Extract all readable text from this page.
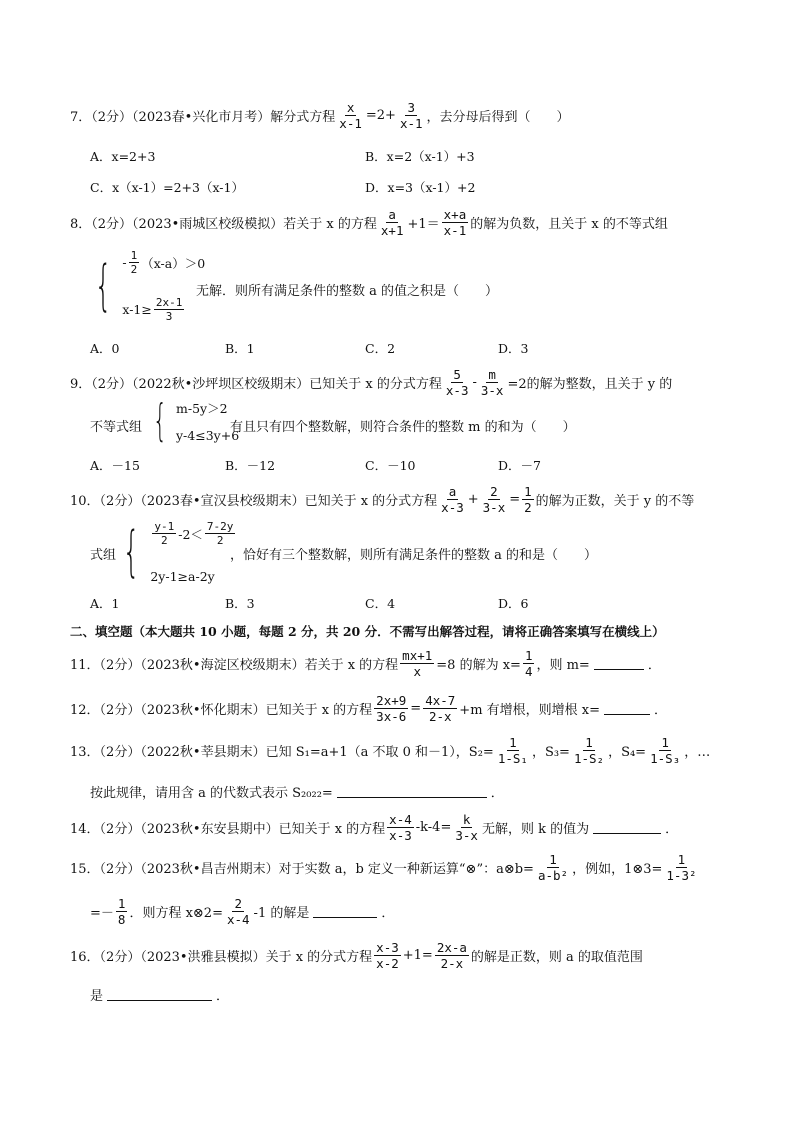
7．（2分）（2023春•兴化市月考）解分式方程 $\frac{x}{x-1} =2+ \frac{3}{x-1}$ ，去分母后得到（　　）
A．x=2+3	B．x=2（x-1）+3
C．x（x-1）=2+3（x-1）	D．x=3（x-1）+2
8．（2分）（2023•雨城区校级模拟）若关于 x 的方程 $\frac{a}{x+1} +1= \frac{x+a}{x-1}$ 的解为负数，且关于 x 的不等式组
{ - $\frac{1}{2} (x-a)>0$
$x-1\ge \frac{2x-1}{3}$
无解．则所有满足条件的整数 a 的值之积是（　　）
A．0	B．1	C．2	D．3
9．（2分）（2022秋•沙坪坝区校级期末）已知关于 x 的分式方程 $\frac{5}{x-3} - \frac{m}{3-x} =2$的解为整数，且关于 y 的
不等式组 { m-5y＞2
y-4≤3y+6
有且只有四个整数解，则符合条件的整数 m 的和为（　　）
A．－15	B．－12	C．－10	D．－7
10．（2分）（2023春•宣汉县校级期末）已知关于 x 的分式方程 $\frac{a}{x-3} + \frac{2}{3-x} = \frac{1}{2}$ 的解为正数，关于 y 的不等
式组 { $\frac{y-1}{2} -2< \frac{7-2y}{2}$
2y-1≥a-2y
，恰好有三个整数解，则所有满足条件的整数 a 的和是（　　）
A．1	B．3	C．4	D．6
二、填空题（本大题共 10 小题，每题 2 分，共 20 分．不需写出解答过程，请将正确答案填写在横线上）
11．（2分）（2023秋•海淀区校级期末）若关于 x 的方程 $\frac{mx+1}{x} =8$ 的解为 $x= \frac{1}{4}$ ，则 m=	．
12．（2分）（2023秋•怀化期末）已知关于 x 的方程 $\frac{2x+9}{3x-6} = \frac{4x-7}{2-x} +m$ 有增根，则增根 x=	．
13．（2分）（2022秋•莘县期末）已知 S₁=a+1（a 不取 0 和－1），$S_2= \frac{1}{\text{1-S₁}}$ ，$S_3= \frac{1}{\text{1-S₂}}$ ，$S_4= \frac{1}{\text{1-S₃}}$ ，…
按此规律，请用含 a 的代数式表示 S₂₀₂₂=	．
14．（2分）（2023秋•东安县期中）已知关于 x 的方程 $\frac{x-4}{x-3} -k-4= \frac{k}{3-x}$ 无解，则 k 的值为	．
15．（2分）（2023秋•昌吉州期末）对于实数 a，b 定义一种新运算“⊗”：a⊗b= $\frac{1}{\text{a-b²}}$ ，例如，1⊗3= $\frac{1}{\text{1-3²}}$
=－ $\frac{1}{8}$ ．则方程 x⊗2= $\frac{2}{x-4} -1$ 的解是	．
16．（2分）（2023•洪雅县模拟）关于 x 的分式方程 $\frac{x-3}{x-2} +1= \frac{2x-a}{2-x}$ 的解是正数，则 a 的取值范围
是	．
